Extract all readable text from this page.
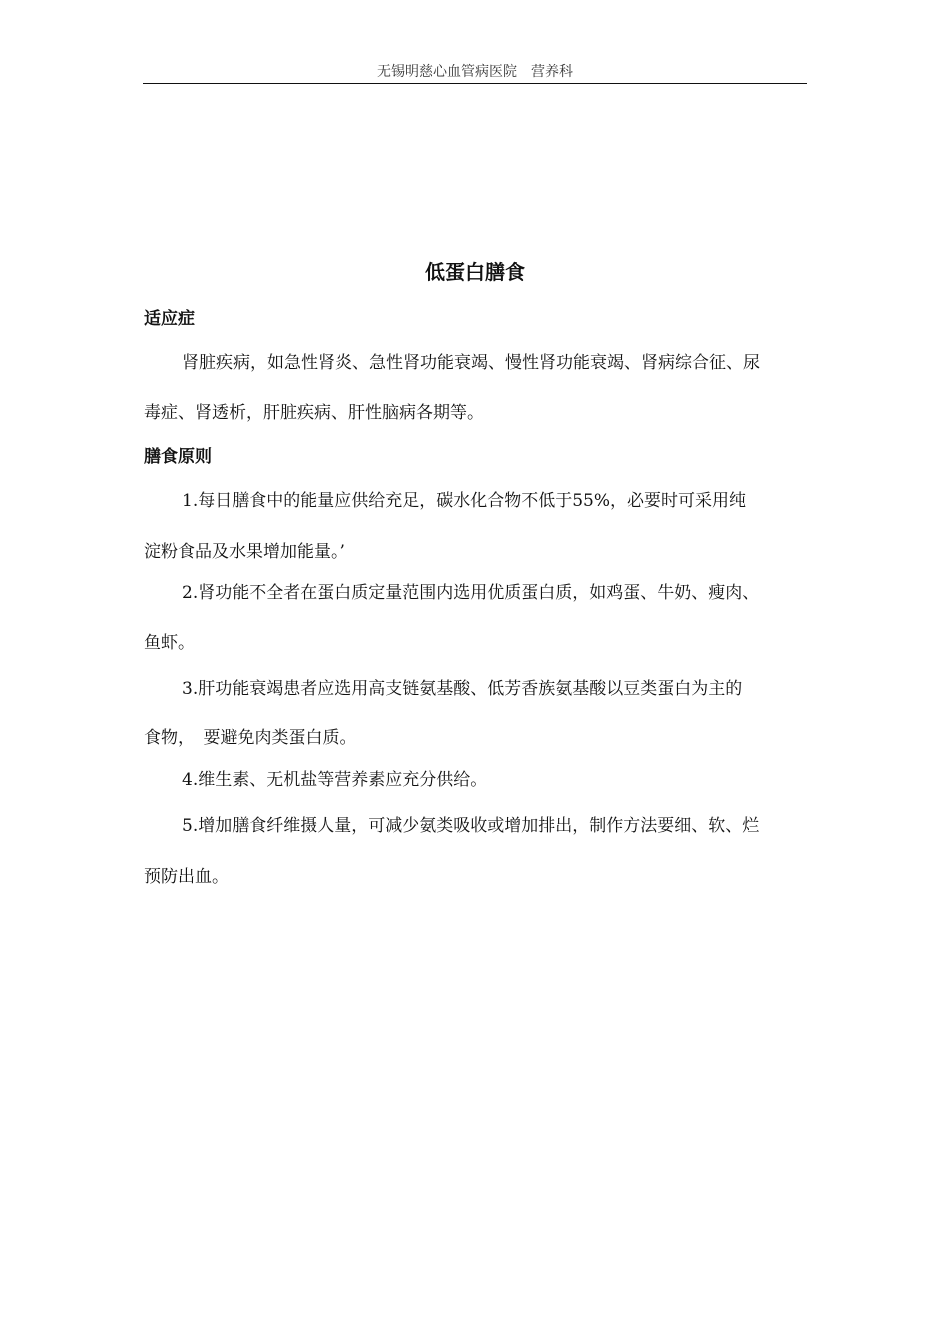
无锡明慈心血管病医院　营养科
低蛋白膳食
适应症

肾脏疾病，如急性肾炎、急性肾功能衰竭、慢性肾功能衰竭、肾病综合征、尿

毒症、肾透析，肝脏疾病、肝性脑病各期等。

膳食原则

1.每日膳食中的能量应供给充足，碳水化合物不低于55%，必要时可采用纯

淀粉食品及水果增加能量。’

2.肾功能不全者在蛋白质定量范围内选用优质蛋白质，如鸡蛋、牛奶、瘦肉、

鱼虾。

3.肝功能衰竭患者应选用高支链氨基酸、低芳香族氨基酸以豆类蛋白为主的

食物，　要避免肉类蛋白质。

4.维生素、无机盐等营养素应充分供给。

5.增加膳食纤维摄人量，可减少氨类吸收或增加排出，制作方法要细、软、烂

预防出血。
